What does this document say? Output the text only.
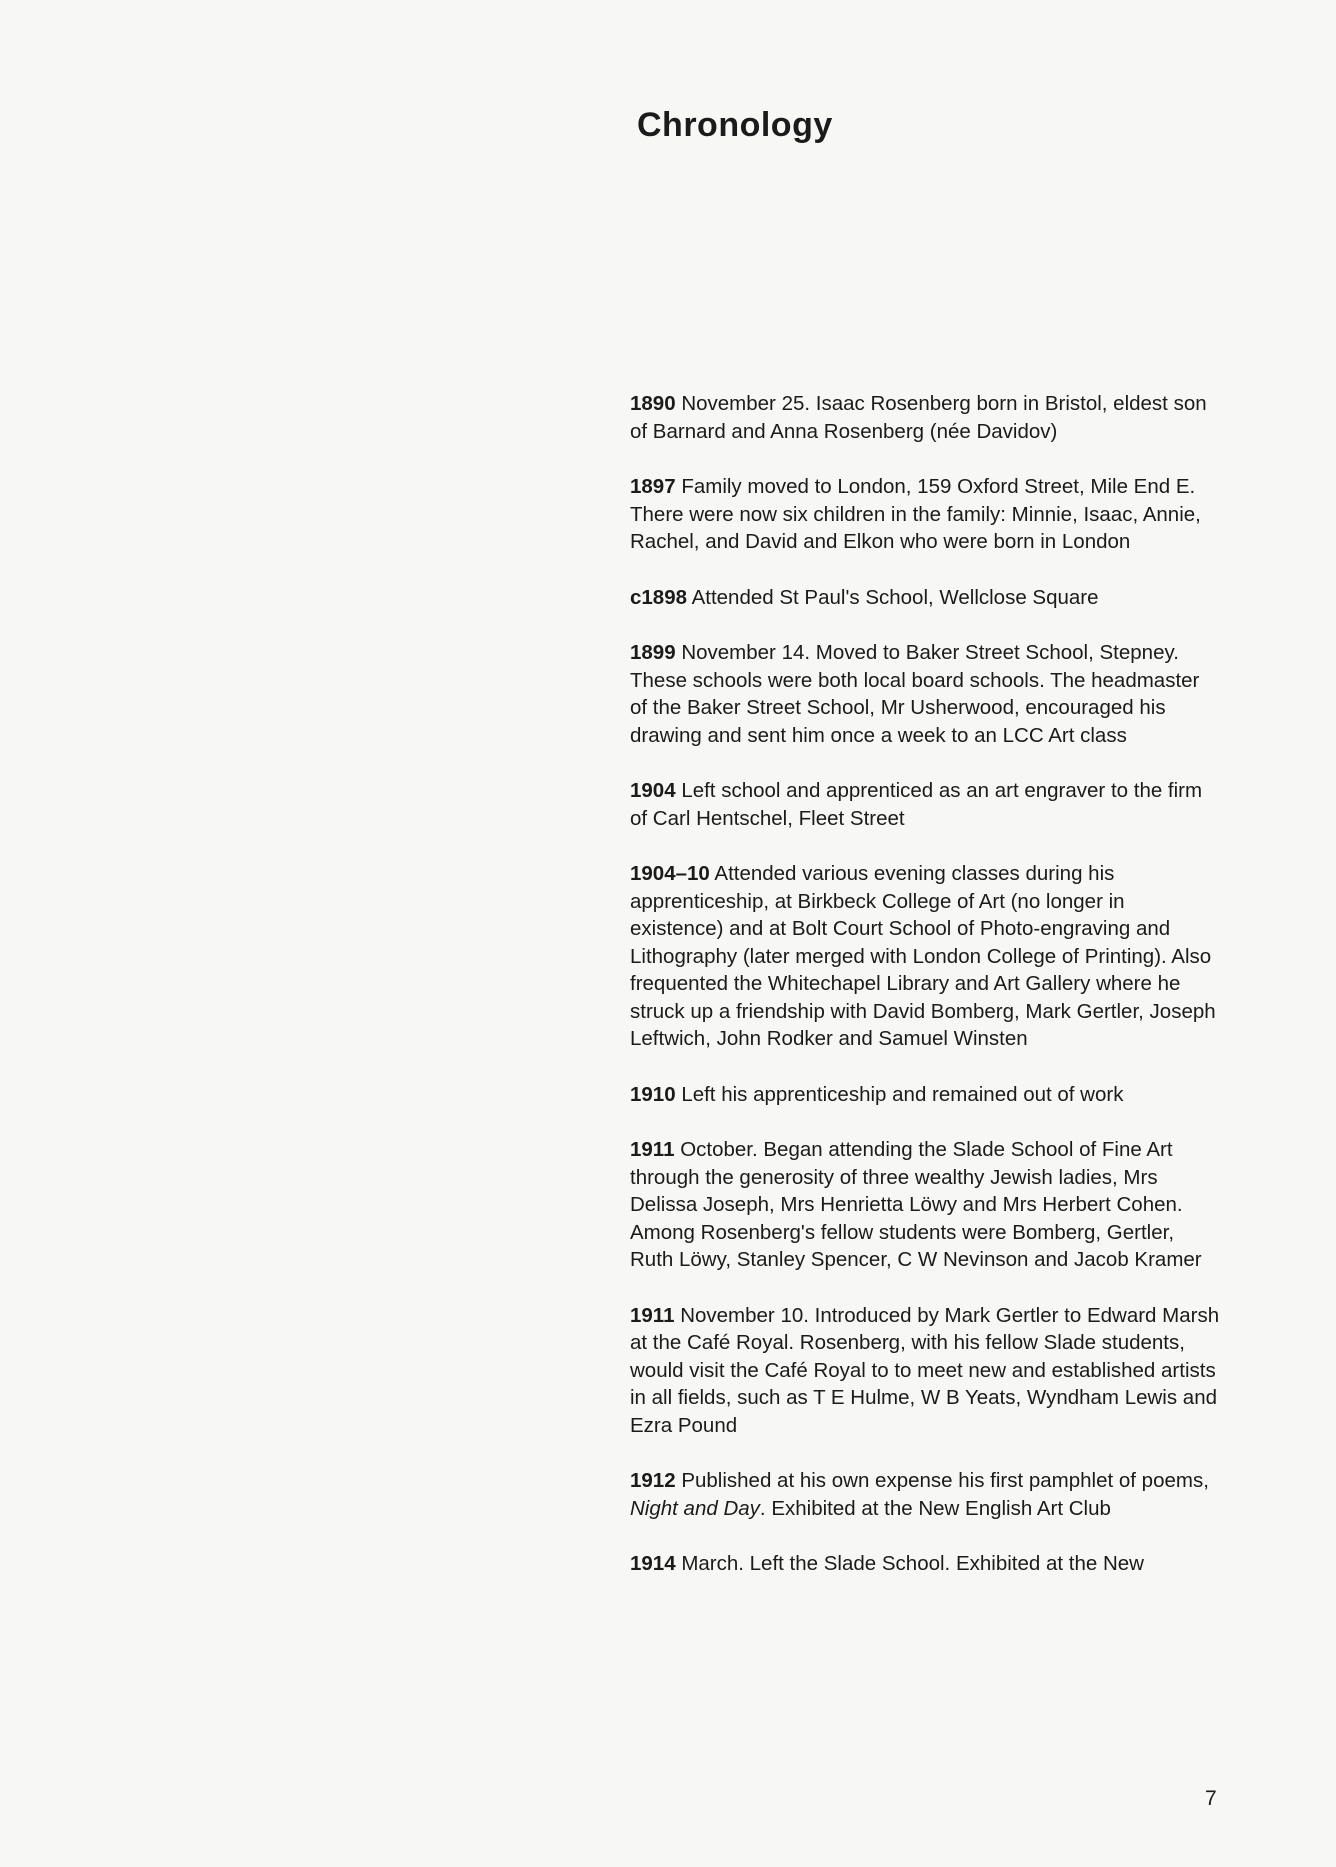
Chronology
1890 November 25. Isaac Rosenberg born in Bristol, eldest son of Barnard and Anna Rosenberg (née Davidov)
1897 Family moved to London, 159 Oxford Street, Mile End E. There were now six children in the family: Minnie, Isaac, Annie, Rachel, and David and Elkon who were born in London
c1898 Attended St Paul's School, Wellclose Square
1899 November 14. Moved to Baker Street School, Stepney. These schools were both local board schools. The headmaster of the Baker Street School, Mr Usherwood, encouraged his drawing and sent him once a week to an LCC Art class
1904 Left school and apprenticed as an art engraver to the firm of Carl Hentschel, Fleet Street
1904–10 Attended various evening classes during his apprenticeship, at Birkbeck College of Art (no longer in existence) and at Bolt Court School of Photo-engraving and Lithography (later merged with London College of Printing). Also frequented the Whitechapel Library and Art Gallery where he struck up a friendship with David Bomberg, Mark Gertler, Joseph Leftwich, John Rodker and Samuel Winsten
1910 Left his apprenticeship and remained out of work
1911 October. Began attending the Slade School of Fine Art through the generosity of three wealthy Jewish ladies, Mrs Delissa Joseph, Mrs Henrietta Löwy and Mrs Herbert Cohen. Among Rosenberg's fellow students were Bomberg, Gertler, Ruth Löwy, Stanley Spencer, C W Nevinson and Jacob Kramer
1911 November 10. Introduced by Mark Gertler to Edward Marsh at the Café Royal. Rosenberg, with his fellow Slade students, would visit the Café Royal to to meet new and established artists in all fields, such as T E Hulme, W B Yeats, Wyndham Lewis and Ezra Pound
1912 Published at his own expense his first pamphlet of poems, Night and Day. Exhibited at the New English Art Club
1914 March. Left the Slade School. Exhibited at the New
7
